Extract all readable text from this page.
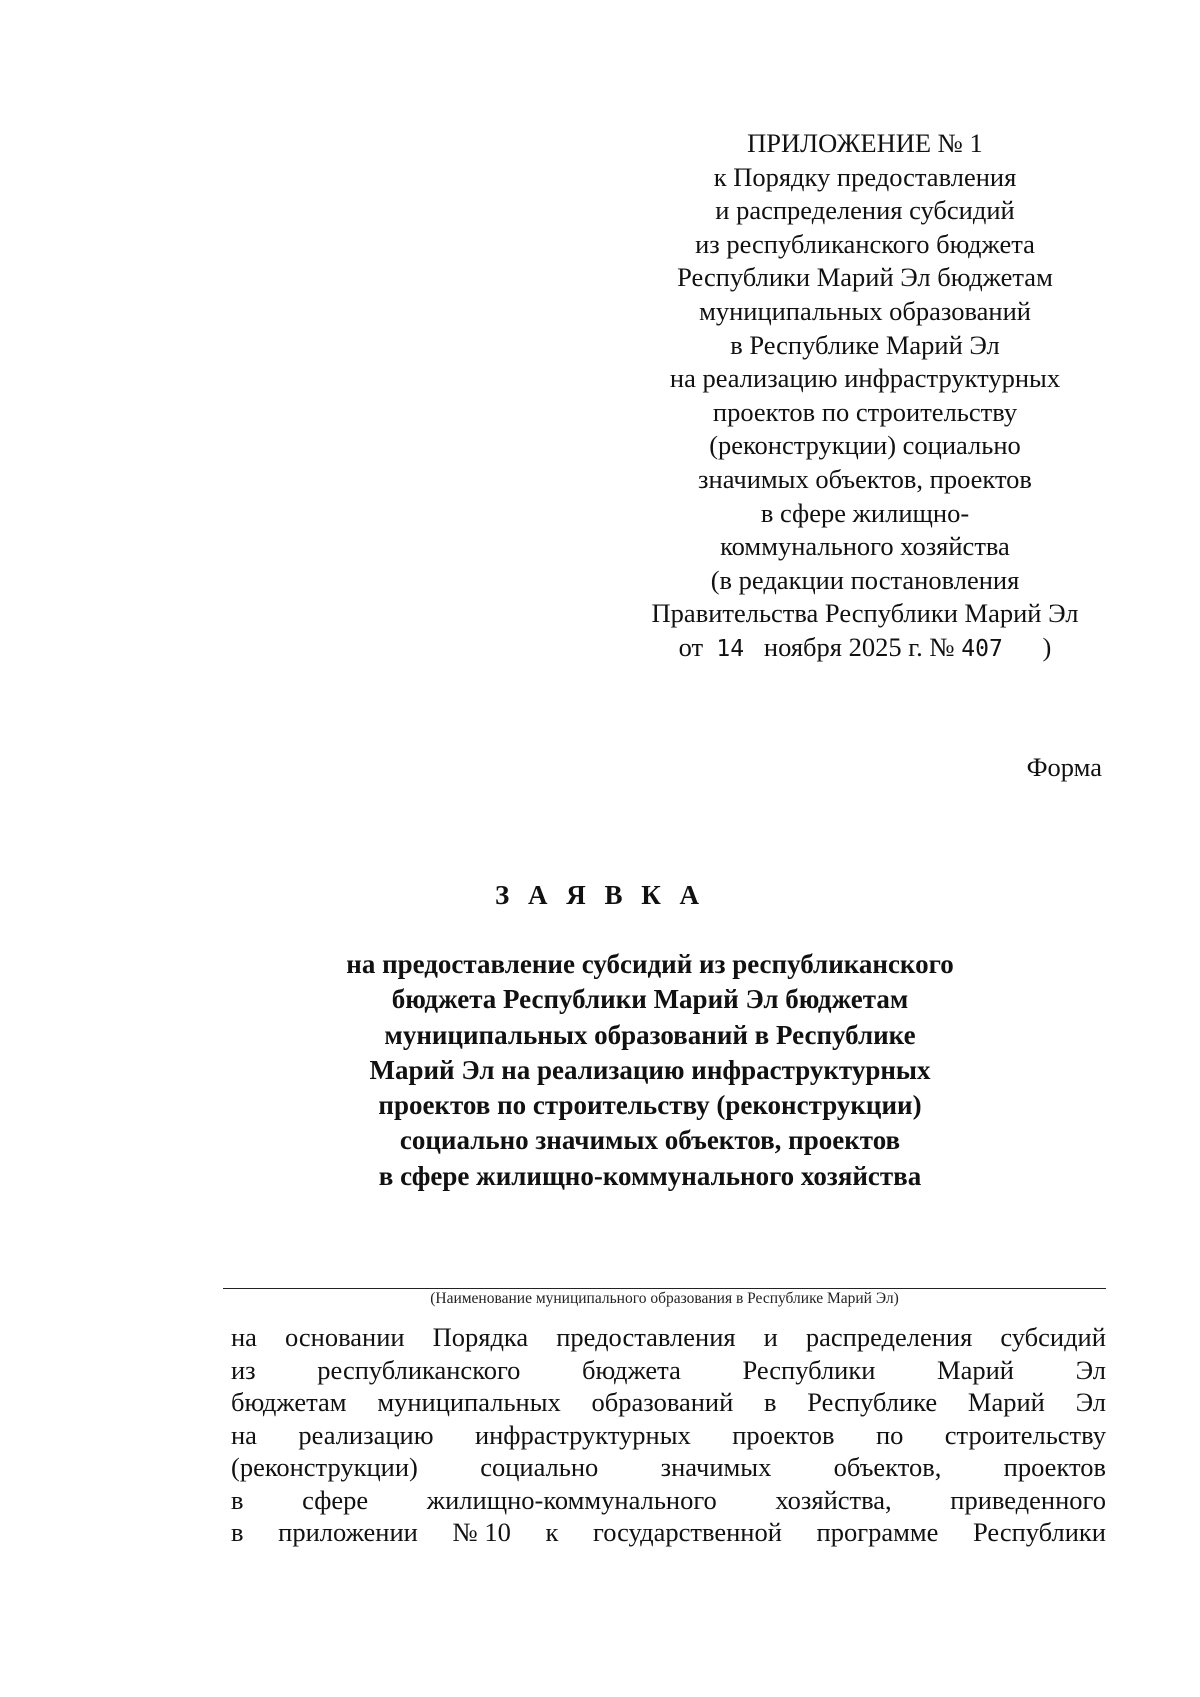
ПРИЛОЖЕНИЕ № 1
к Порядку предоставления
и распределения субсидий
из республиканского бюджета
Республики Марий Эл бюджетам
муниципальных образований
в Республике Марий Эл
на реализацию инфраструктурных
проектов по строительству
(реконструкции) социально
значимых объектов, проектов
в сфере жилищно-
коммунального хозяйства
(в редакции постановления
Правительства Республики Марий Эл
от 14 ноября 2025 г. № 407 )
Форма
З А Я В К А
на предоставление субсидий из республиканского
бюджета Республики Марий Эл бюджетам
муниципальных образований в Республике
Марий Эл на реализацию инфраструктурных
проектов по строительству (реконструкции)
социально значимых объектов, проектов
в сфере жилищно-коммунального хозяйства
(Наименование муниципального образования в Республике Марий Эл)
на основании Порядка предоставления и распределения субсидий
из республиканского бюджета Республики Марий Эл
бюджетам муниципальных образований в Республике Марий Эл
на реализацию инфраструктурных проектов по строительству
(реконструкции) социально значимых объектов, проектов
в сфере жилищно-коммунального хозяйства, приведенного
в приложении № 10 к государственной программе Республики
